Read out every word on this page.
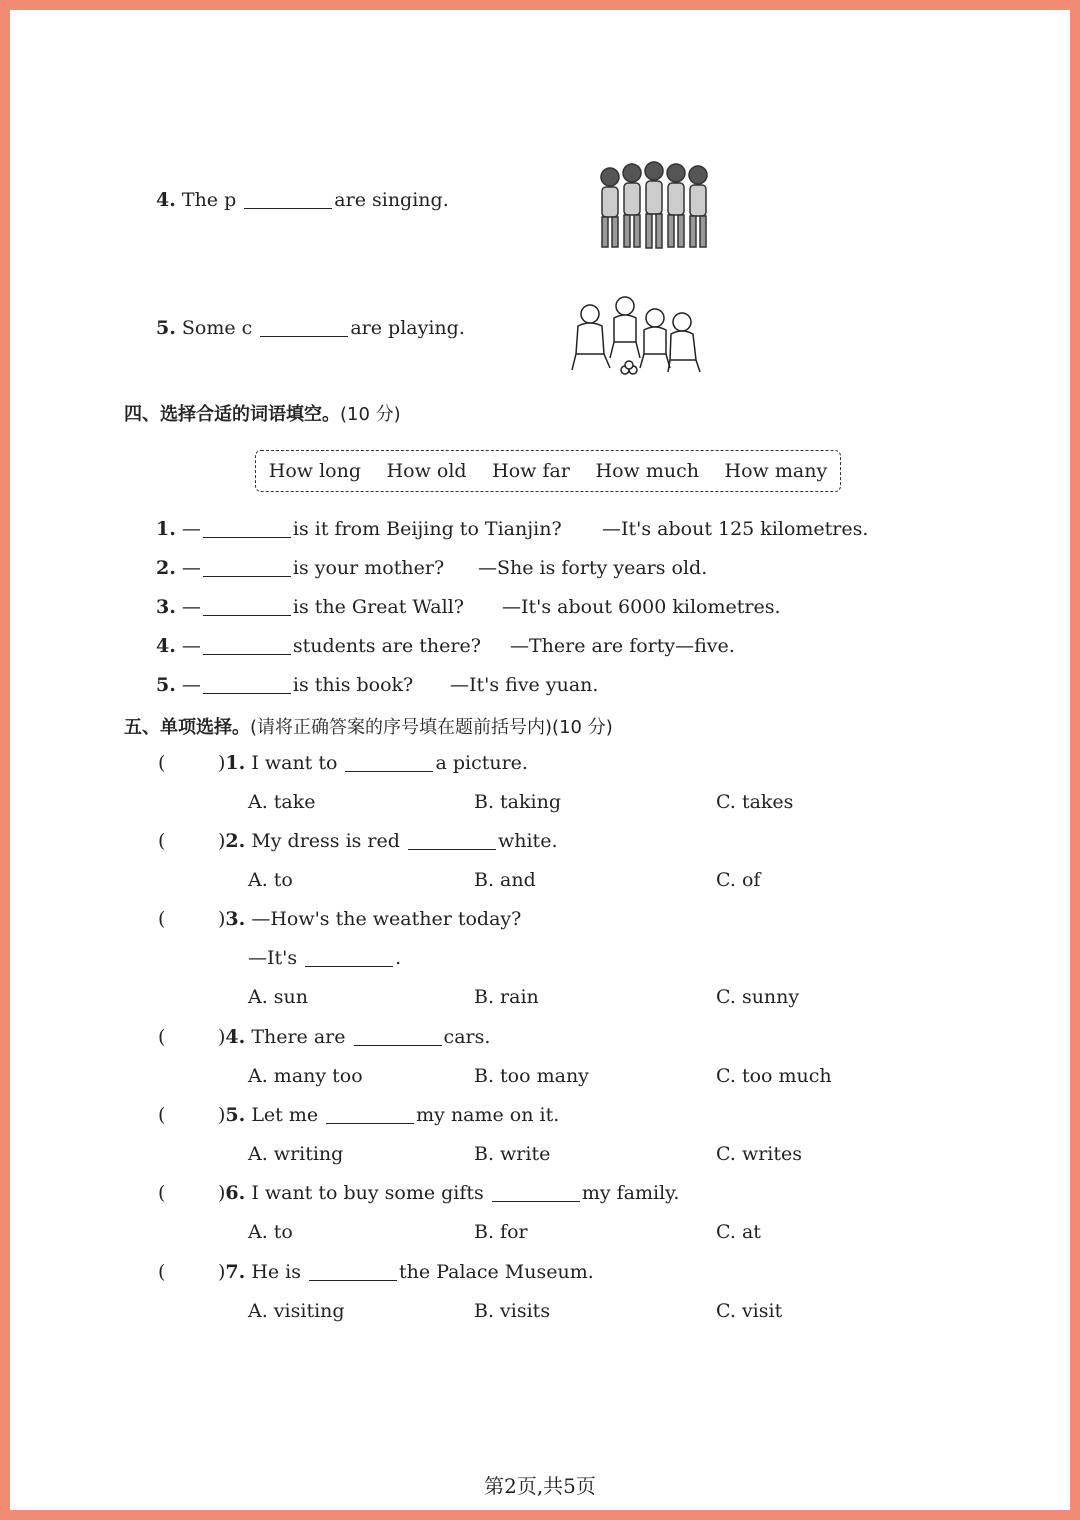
4. The p	are singing.
5. Some c	are playing.
四、选择合适的词语填空。(10 分)
How long How old How far How much How many
1. —	is it from Beijing to Tianjin? —It's about 125 kilometres.
2. —	is your mother? —She is forty years old.
3. —	is the Great Wall? —It's about 6000 kilometres.
4. —	students are there? —There are forty—five.
5. —	is this book? —It's five yuan.
五、单项选择。(请将正确答案的序号填在题前括号内)(10 分)
(	)1. I want to	a picture.
A. take	B. taking	C. takes
(	)2. My dress is red	white.
A. to	B. and	C. of
(	)3. —How's the weather today?
—It's	.
A. sun	B. rain	C. sunny
(	)4. There are	cars.
A. many too	B. too many	C. too much
(	)5. Let me	my name on it.
A. writing	B. write	C. writes
(	)6. I want to buy some gifts	my family.
A. to	B. for	C. at
(	)7. He is	the Palace Museum.
A. visiting	B. visits	C. visit
第2页,共5页
